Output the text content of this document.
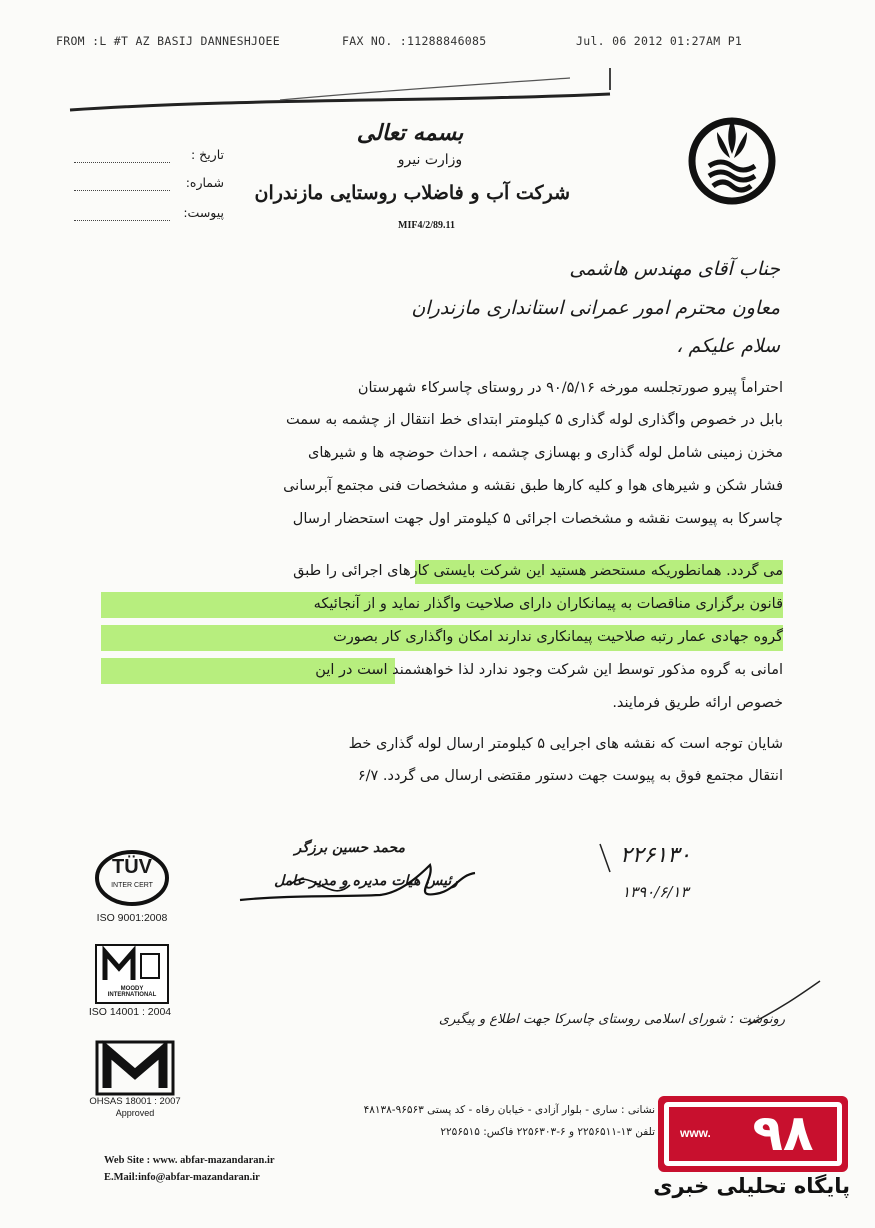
FROM :L #T AZ BASIJ DANNESHJOEE	FAX NO. :11288846085	Jul. 06 2012 01:27AM P1
بسمه تعالی
وزارت نیرو
شرکت آب و فاضلاب روستایی مازندران
MIF4/2/89.11
تاریخ :
شماره:
پیوست:
جناب آقای مهندس هاشمی
معاون محترم امور عمرانی استانداری مازندران
سلام علیکم ،
احتراماً پیرو صورتجلسه مورخه ۹۰/۵/۱۶ در روستای چاسرکاء شهرستان
بابل در خصوص واگذاری لوله گذاری ۵ کیلومتر ابتدای خط انتقال از چشمه به سمت
مخزن زمینی شامل لوله گذاری و بهسازی چشمه ، احداث حوضچه ها و شیرهای
فشار شکن و شیرهای هوا و کلیه کارها طبق نقشه و مشخصات فنی مجتمع آبرسانی
چاسرکا به پیوست نقشه و مشخصات اجرائی ۵ کیلومتر اول جهت استحضار ارسال
می گردد. همانطوریکه مستحضر هستید این شرکت بایستی کارهای اجرائی را طبق
قانون برگزاری مناقصات به پیمانکاران دارای صلاحیت واگذار نماید و از آنجائیکه
گروه جهادی عمار رتبه صلاحیت پیمانکاری ندارند امکان واگذاری کار بصورت
امانی به گروه مذکور توسط این شرکت وجود ندارد لذا خواهشمند است در این
خصوص ارائه طریق فرمایند.
شایان توجه است که نقشه های اجرایی ۵ کیلومتر ارسال لوله گذاری خط
انتقال مجتمع فوق به پیوست جهت دستور مقتضی ارسال می گردد. ۶/۷
محمد حسین برزگر
رئیس هیات مدیره و مدیر عامل
۲۲۶۱۳۰
۱۳۹۰/۶/۱۳
رونوشت : شورای اسلامی روستای چاسرکا جهت اطلاع و پیگیری
TÜV
INTER CERT
ISO 9001:2008
MOODY INTERNATIONAL
ISO 14001 : 2004
OHSAS 18001 : 2007
Approved	نشانی : ساری - بلوار آزادی - خیابان رفاه - کد پستی ۹۶۵۶۳-۴۸۱۳۸
تلفن ۱۳-۲۲۵۶۵۱۱ و ۶-۲۲۵۶۳۰۳ فاکس: ۲۲۵۶۵۱۵
Web Site : www. abfar-mazandaran.ir
E.Mail:info@abfar-mazandaran.ir
www. ۹۸
پایگاه تحلیلی خبری
